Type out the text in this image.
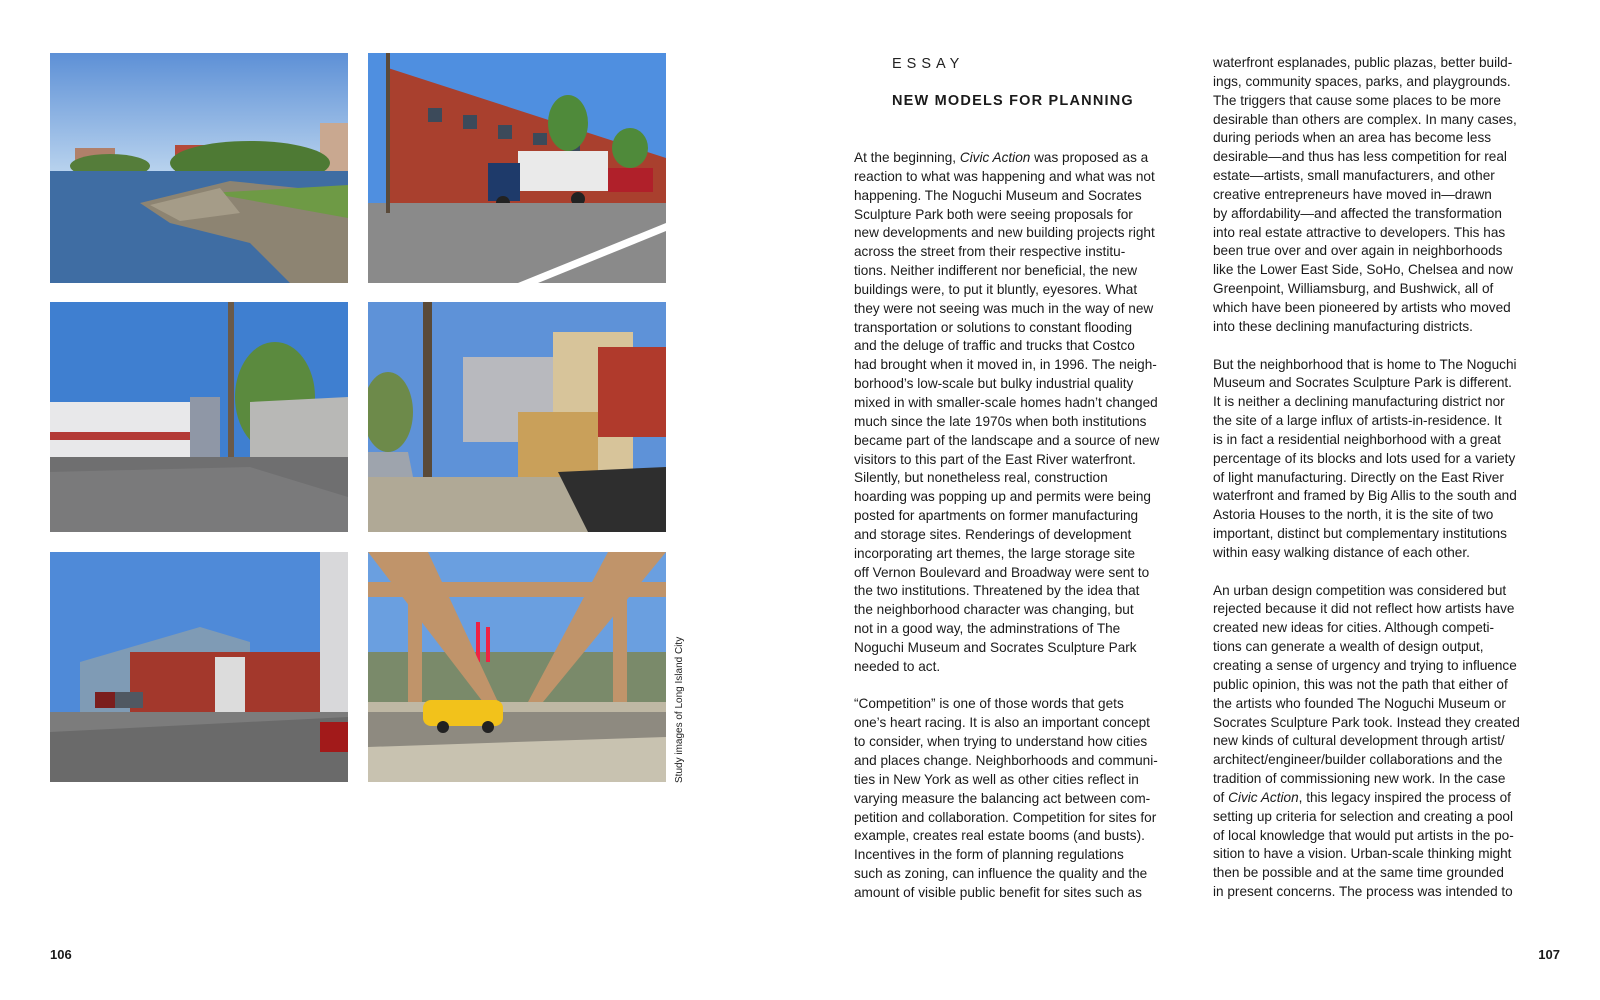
Study images of Long Island City
106	107
ESSAY
NEW MODELS FOR PLANNING

At the beginning, Civic Action was proposed as a
reaction to what was happening and what was not
happening. The Noguchi Museum and Socrates
Sculpture Park both were seeing proposals for
new developments and new building projects right
across the street from their respective institu-
tions. Neither indifferent nor beneficial, the new
buildings were, to put it bluntly, eyesores. What
they were not seeing was much in the way of new
transportation or solutions to constant flooding
and the deluge of traffic and trucks that Costco
had brought when it moved in, in 1996. The neigh-
borhood’s low-scale but bulky industrial quality
mixed in with smaller-scale homes hadn’t changed
much since the late 1970s when both institutions
became part of the landscape and a source of new
visitors to this part of the East River waterfront.
Silently, but nonetheless real, construction
hoarding was popping up and permits were being
posted for apartments on former manufacturing
and storage sites. Renderings of development
incorporating art themes, the large storage site
off Vernon Boulevard and Broadway were sent to
the two institutions. Threatened by the idea that
the neighborhood character was changing, but
not in a good way, the adminstrations of The
Noguchi Museum and Socrates Sculpture Park
needed to act.

“Competition” is one of those words that gets
one’s heart racing. It is also an important concept
to consider, when trying to understand how cities
and places change. Neighborhoods and communi-
ties in New York as well as other cities reflect in
varying measure the balancing act between com-
petition and collaboration. Competition for sites for
example, creates real estate booms (and busts).
Incentives in the form of planning regulations
such as zoning, can influence the quality and the
amount of visible public benefit for sites such as

waterfront esplanades, public plazas, better build-
ings, community spaces, parks, and playgrounds.
The triggers that cause some places to be more
desirable than others are complex. In many cases,
during periods when an area has become less
desirable—and thus has less competition for real
estate—artists, small manufacturers, and other
creative entrepreneurs have moved in—drawn
by affordability—and affected the transformation
into real estate attractive to developers. This has
been true over and over again in neighborhoods
like the Lower East Side, SoHo, Chelsea and now
Greenpoint, Williamsburg, and Bushwick, all of
which have been pioneered by artists who moved
into these declining manufacturing districts.

But the neighborhood that is home to The Noguchi
Museum and Socrates Sculpture Park is different.
It is neither a declining manufacturing district nor
the site of a large influx of artists-in-residence. It
is in fact a residential neighborhood with a great
percentage of its blocks and lots used for a variety
of light manufacturing. Directly on the East River
waterfront and framed by Big Allis to the south and
Astoria Houses to the north, it is the site of two
important, distinct but complementary institutions
within easy walking distance of each other.

An urban design competition was considered but
rejected because it did not reflect how artists have
created new ideas for cities. Although competi-
tions can generate a wealth of design output,
creating a sense of urgency and trying to influence
public opinion, this was not the path that either of
the artists who founded The Noguchi Museum or
Socrates Sculpture Park took. Instead they created
new kinds of cultural development through artist/
architect/engineer/builder collaborations and the
tradition of commissioning new work. In the case
of Civic Action, this legacy inspired the process of
setting up criteria for selection and creating a pool
of local knowledge that would put artists in the po-
sition to have a vision. Urban-scale thinking might
then be possible and at the same time grounded
in present concerns. The process was intended to
